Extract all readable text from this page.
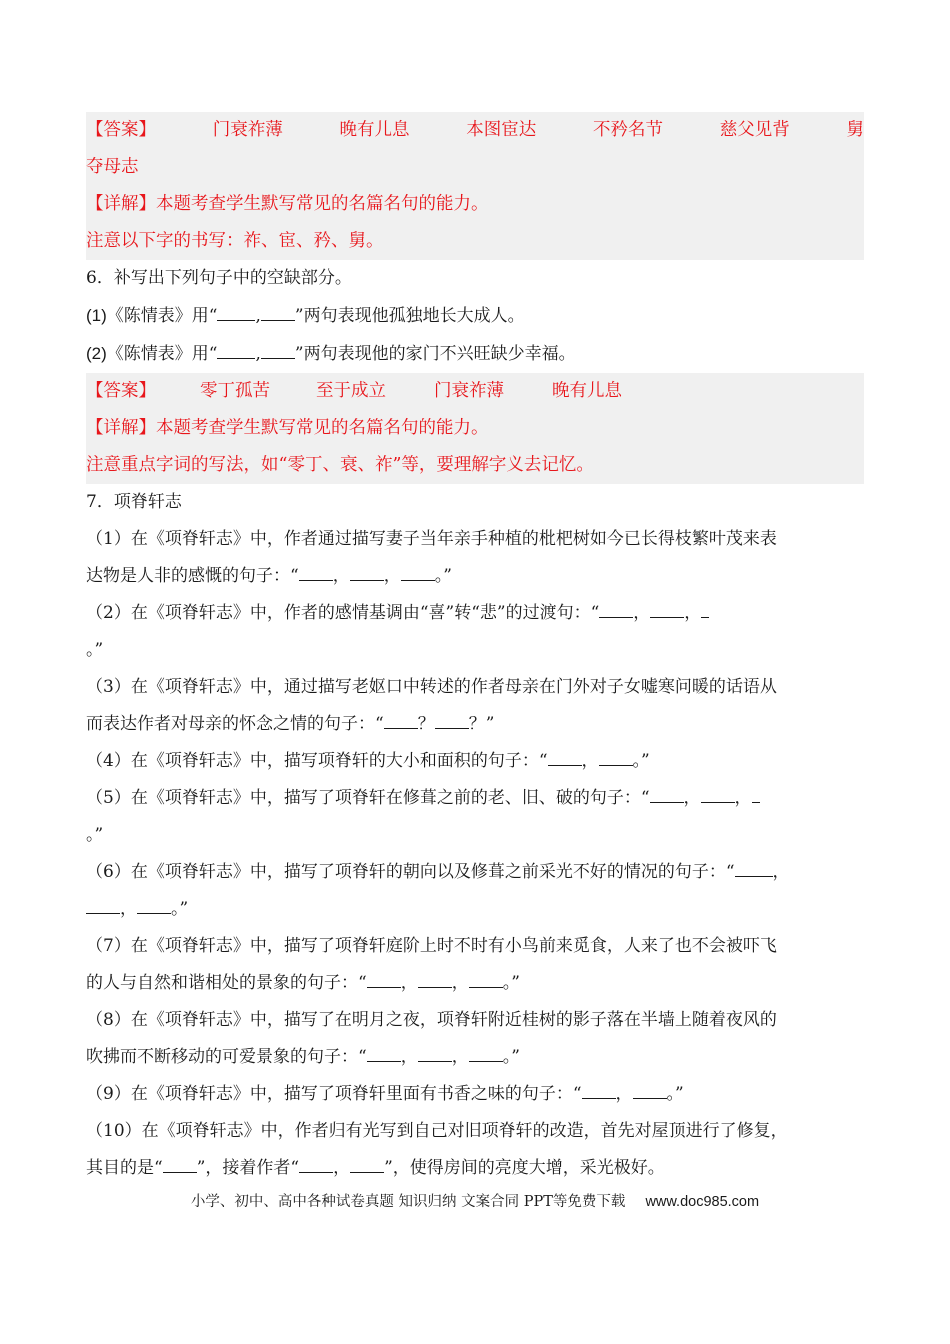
【答案】	门衰祚薄	晚有儿息	本图宦达	不矜名节	慈父见背	舅
夺母志
【详解】本题考查学生默写常见的名篇名句的能力。
注意以下字的书写：祚、宦、矜、舅。
6．补写出下列句子中的空缺部分。
(1)《陈情表》用“ , ”两句表现他孤独地长大成人。
(2)《陈情表》用“ , ”两句表现他的家门不兴旺缺少幸福。
【答案】	零丁孤苦	至于成立	门衰祚薄	晚有儿息
【详解】本题考查学生默写常见的名篇名句的能力。
注意重点字词的写法，如“零丁、衰、祚”等，要理解字义去记忆。
7．项脊轩志
（1）在《项脊轩志》中，作者通过描写妻子当年亲手种植的枇杷树如今已长得枝繁叶茂来表
达物是人非的感慨的句子：“ ， ， 。”
（2）在《项脊轩志》中，作者的感情基调由“喜”转“悲”的过渡句：“ ， ，
。”
（3）在《项脊轩志》中，通过描写老妪口中转述的作者母亲在门外对子女嘘寒问暖的话语从
而表达作者对母亲的怀念之情的句子：“ ？ ？”
（4）在《项脊轩志》中，描写项脊轩的大小和面积的句子：“ ， 。”
（5）在《项脊轩志》中，描写了项脊轩在修葺之前的老、旧、破的句子：“ ， ，
。”
（6）在《项脊轩志》中，描写了项脊轩的朝向以及修葺之前采光不好的情况的句子：“ ，
， 。”
（7）在《项脊轩志》中，描写了项脊轩庭阶上时不时有小鸟前来觅食，人来了也不会被吓飞
的人与自然和谐相处的景象的句子：“ ， ， 。”
（8）在《项脊轩志》中，描写了在明月之夜，项脊轩附近桂树的影子落在半墙上随着夜风的
吹拂而不断移动的可爱景象的句子：“ ， ， 。”
（9）在《项脊轩志》中，描写了项脊轩里面有书香之味的句子：“ ， 。”
（10）在《项脊轩志》中，作者归有光写到自己对旧项脊轩的改造，首先对屋顶进行了修复，
其目的是“ ”，接着作者“ ， ”，使得房间的亮度大增，采光极好。
小学、初中、高中各种试卷真题 知识归纳 文案合同 PPT等免费下载 www.doc985.com
